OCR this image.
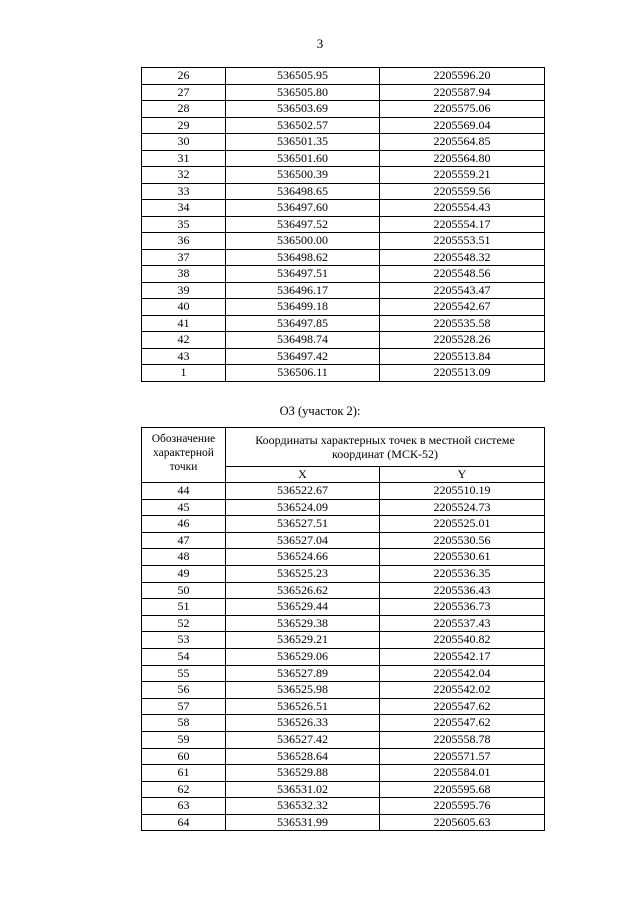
3
26	536505.95	2205596.20
27	536505.80	2205587.94
28	536503.69	2205575.06
29	536502.57	2205569.04
30	536501.35	2205564.85
31	536501.60	2205564.80
32	536500.39	2205559.21
33	536498.65	2205559.56
34	536497.60	2205554.43
35	536497.52	2205554.17
36	536500.00	2205553.51
37	536498.62	2205548.32
38	536497.51	2205548.56
39	536496.17	2205543.47
40	536499.18	2205542.67
41	536497.85	2205535.58
42	536498.74	2205528.26
43	536497.42	2205513.84
1	536506.11	2205513.09
ОЗ (участок 2):
Обозначение характерной точки	Координаты характерных точек в местной системе координат (МСК-52)	
	X	Y
44	536522.67	2205510.19
45	536524.09	2205524.73
46	536527.51	2205525.01
47	536527.04	2205530.56
48	536524.66	2205530.61
49	536525.23	2205536.35
50	536526.62	2205536.43
51	536529.44	2205536.73
52	536529.38	2205537.43
53	536529.21	2205540.82
54	536529.06	2205542.17
55	536527.89	2205542.04
56	536525.98	2205542.02
57	536526.51	2205547.62
58	536526.33	2205547.62
59	536527.42	2205558.78
60	536528.64	2205571.57
61	536529.88	2205584.01
62	536531.02	2205595.68
63	536532.32	2205595.76
64	536531.99	2205605.63
